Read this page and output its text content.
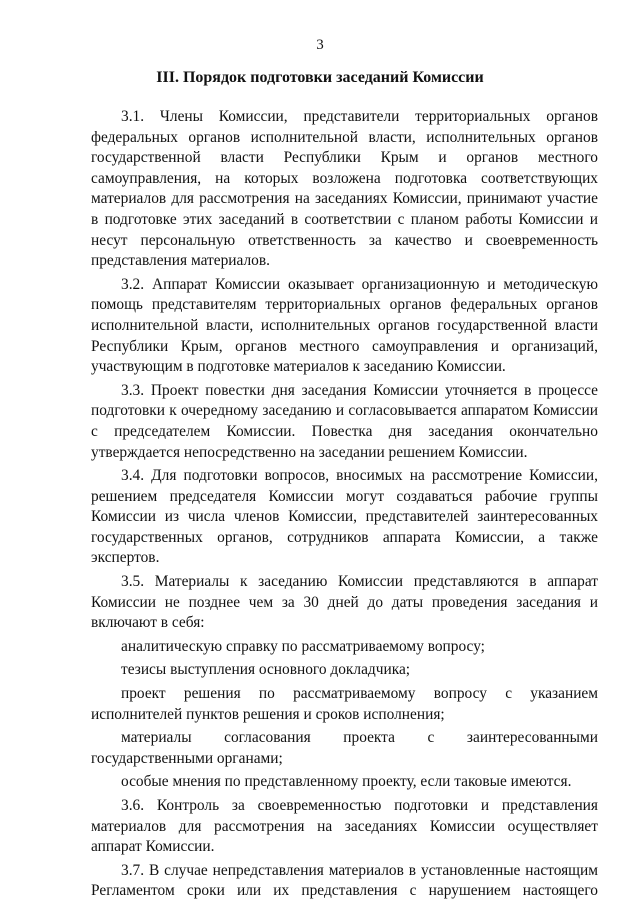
3
III. Порядок подготовки заседаний Комиссии

3.1. Члены Комиссии, представители территориальных органов федеральных органов исполнительной власти, исполнительных органов государственной власти Республики Крым и органов местного самоуправления, на которых возложена подготовка соответствующих материалов для рассмотрения на заседаниях Комиссии, принимают участие в подготовке этих заседаний в соответствии с планом работы Комиссии и несут персональную ответственность за качество и своевременность представления материалов.

3.2. Аппарат Комиссии оказывает организационную и методическую помощь представителям территориальных органов федеральных органов исполнительной власти, исполнительных органов государственной власти Республики Крым, органов местного самоуправления и организаций, участвующим в подготовке материалов к заседанию Комиссии.

3.3. Проект повестки дня заседания Комиссии уточняется в процессе подготовки к очередному заседанию и согласовывается аппаратом Комиссии с председателем Комиссии. Повестка дня заседания окончательно утверждается непосредственно на заседании решением Комиссии.

3.4. Для подготовки вопросов, вносимых на рассмотрение Комиссии, решением председателя Комиссии могут создаваться рабочие группы Комиссии из числа членов Комиссии, представителей заинтересованных государственных органов, сотрудников аппарата Комиссии, а также экспертов.

3.5. Материалы к заседанию Комиссии представляются в аппарат Комиссии не позднее чем за 30 дней до даты проведения заседания и включают в себя:

аналитическую справку по рассматриваемому вопросу;

тезисы выступления основного докладчика;

проект решения по рассматриваемому вопросу с указанием исполнителей пунктов решения и сроков исполнения;

материалы согласования проекта с заинтересованными государственными органами;

особые мнения по представленному проекту, если таковые имеются.

3.6. Контроль за своевременностью подготовки и представления материалов для рассмотрения на заседаниях Комиссии осуществляет аппарат Комиссии.

3.7. В случае непредставления материалов в установленные настоящим Регламентом сроки или их представления с нарушением настоящего
